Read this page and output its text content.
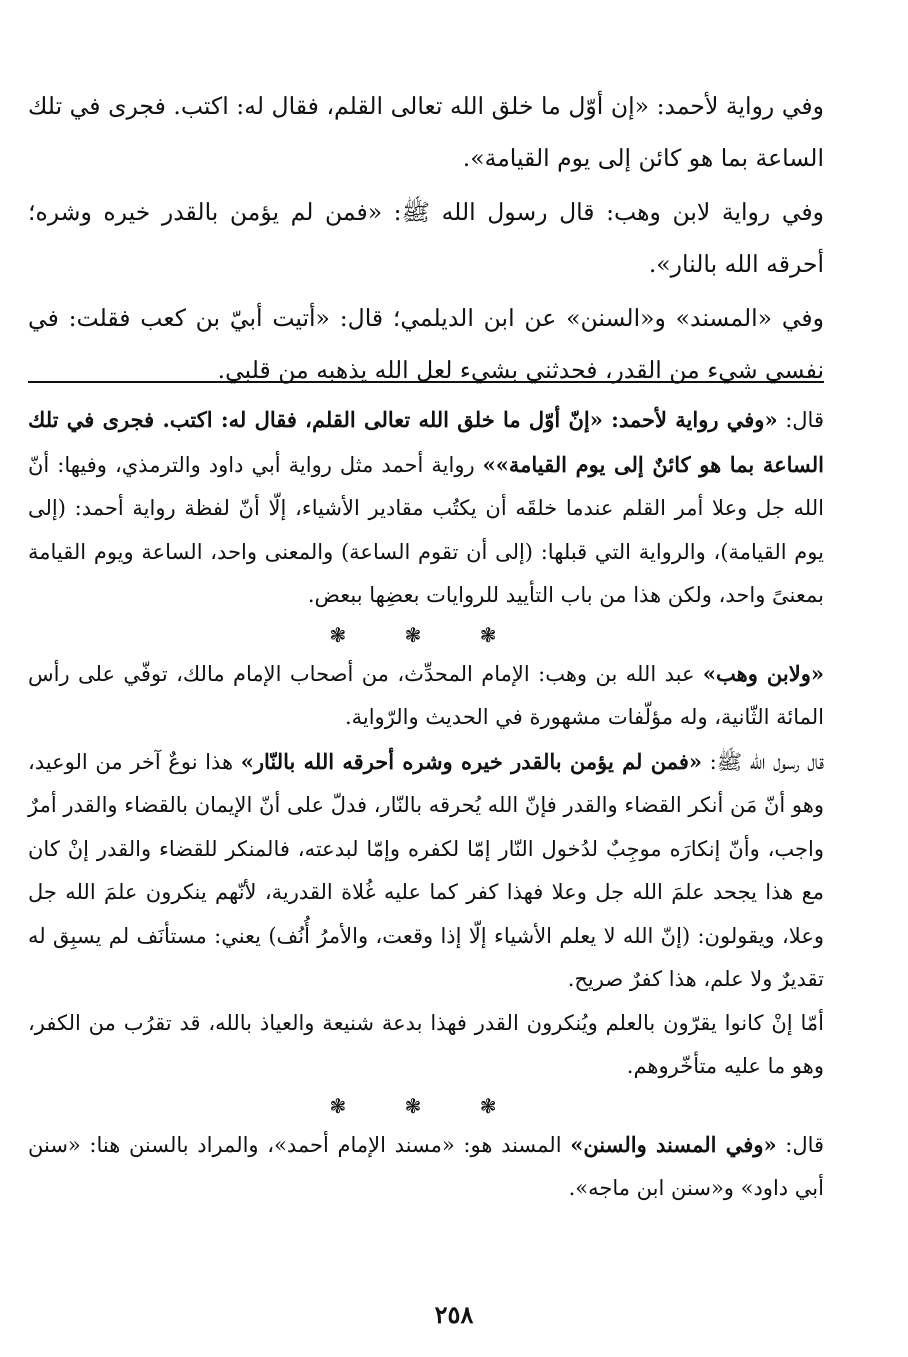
وفي رواية لأحمد: «إن أوّل ما خلق الله تعالى القلم، فقال له: اكتب. فجرى في تلك الساعة بما هو كائن إلى يوم القيامة».

وفي رواية لابن وهب: قال رسول الله ﷺ: «فمن لم يؤمن بالقدر خيره وشره؛ أحرقه الله بالنار».

وفي «المسند» و«السنن» عن ابن الديلمي؛ قال: «أتيت أبيّ بن كعب فقلت: في نفسي شيء من القدر، فحدثني بشيء لعل الله يذهبه من قلبي.

قال: «وفي رواية لأحمد: «إنّ أوّل ما خلق الله تعالى القلم، فقال له: اكتب. فجرى في تلك الساعة بما هو كائنٌ إلى يوم القيامة»» رواية أحمد مثل رواية أبي داود والترمذي، وفيها: أنّ الله جل وعلا أمر القلم عندما خلقَه أن يكتُب مقادير الأشياء، إلّا أنّ لفظة رواية أحمد: (إلى يوم القيامة)، والرواية التي قبلها: (إلى أن تقوم الساعة) والمعنى واحد، الساعة ويوم القيامة بمعنىً واحد، ولكن هذا من باب التأييد للروايات بعضِها ببعض.

❃ ❃ ❃

«ولابن وهب» عبد الله بن وهب: الإمام المحدِّث، من أصحاب الإمام مالك، توفّي على رأس المائة الثّانية، وله مؤلّفات مشهورة في الحديث والرّواية.

قال رسول الله ﷺ: «فمن لم يؤمن بالقدر خيره وشره أحرقه الله بالنّار» هذا نوعٌ آخر من الوعيد، وهو أنّ مَن أنكر القضاء والقدر فإنّ الله يُحرقه بالنّار، فدلّ على أنّ الإيمان بالقضاء والقدر أمرٌ واجب، وأنّ إنكارَه موجِبٌ لدُخول النّار إمّا لكفره وإمّا لبدعته، فالمنكر للقضاء والقدر إنْ كان مع هذا يجحد علمَ الله جل وعلا فهذا كفر كما عليه غُلاة القدرية، لأنّهم ينكرون علمَ الله جل وعلا، ويقولون: (إنّ الله لا يعلم الأشياء إلّا إذا وقعت، والأمرُ أُنُف) يعني: مستأنَف لم يسبِق له تقديرٌ ولا علم، هذا كفرٌ صريح.

أمّا إنْ كانوا يقرّون بالعلم ويُنكرون القدر فهذا بدعة شنيعة والعياذ بالله، قد تقرُب من الكفر، وهو ما عليه متأخّروهم.

❃ ❃ ❃

قال: «وفي المسند والسنن» المسند هو: «مسند الإمام أحمد»، والمراد بالسنن هنا: «سنن أبي داود» و«سنن ابن ماجه».

٢٥٨
